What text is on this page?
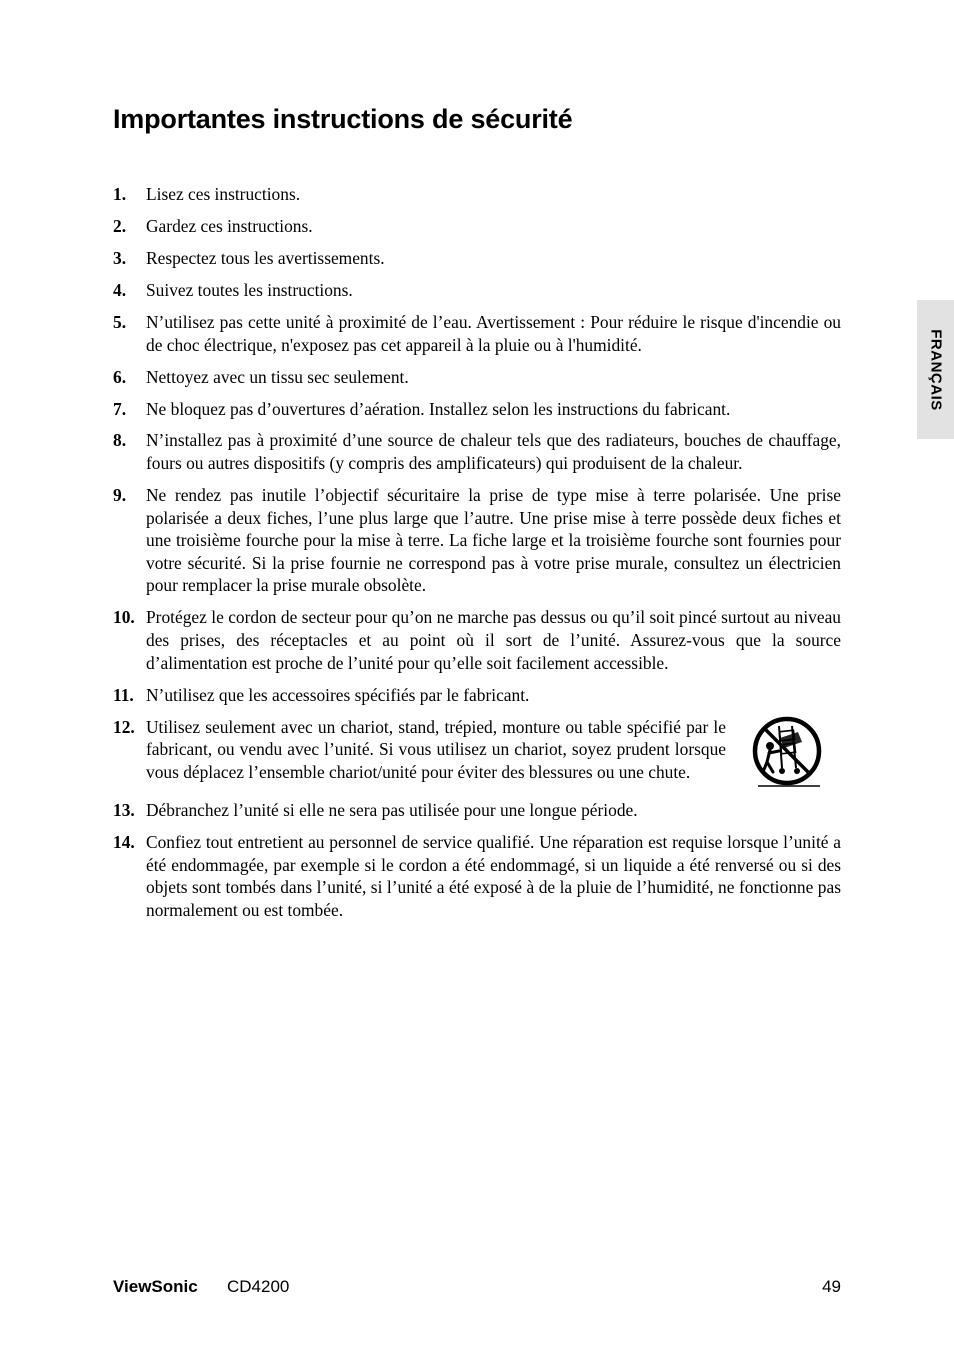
Importantes instructions de sécurité
FRANÇAIS
1. Lisez ces instructions.
2. Gardez ces instructions.
3. Respectez tous les avertissements.
4. Suivez toutes les instructions.
5. N’utilisez pas cette unité à proximité de l’eau. Avertissement : Pour réduire le risque d'incendie ou de choc électrique, n'exposez pas cet appareil à la pluie ou à l'humidité.
6. Nettoyez avec un tissu sec seulement.
7. Ne bloquez pas d’ouvertures d’aération. Installez selon les instructions du fabricant.
8. N’installez pas à proximité d’une source de chaleur tels que des radiateurs, bouches de chauffage, fours ou autres dispositifs (y compris des amplificateurs) qui produisent de la chaleur.
9. Ne rendez pas inutile l’objectif sécuritaire la prise de type mise à terre polarisée. Une prise polarisée a deux fiches, l’une plus large que l’autre. Une prise mise à terre possède deux fiches et une troisième fourche pour la mise à terre. La fiche large et la troisième fourche sont fournies pour votre sécurité. Si la prise fournie ne correspond pas à votre prise murale, consultez un électricien pour remplacer la prise murale obsolète.
10. Protégez le cordon de secteur pour qu’on ne marche pas dessus ou qu’il soit pincé surtout au niveau des prises, des réceptacles et au point où il sort de l’unité. Assurez-vous que la source d’alimentation est proche de l’unité pour qu’elle soit facilement accessible.
11. N’utilisez que les accessoires spécifiés par le fabricant.
12. Utilisez seulement avec un chariot, stand, trépied, monture ou table spécifié par le fabricant, ou vendu avec l’unité. Si vous utilisez un chariot, soyez prudent lorsque vous déplacez l’ensemble chariot/unité pour éviter des blessures ou une chute.
13. Débranchez l’unité si elle ne sera pas utilisée pour une longue période.
14. Confiez tout entretient au personnel de service qualifié. Une réparation est requise lorsque l’unité a été endommagée, par exemple si le cordon a été endommagé, si un liquide a été renversé ou si des objets sont tombés dans l’unité, si l’unité a été exposé à de la pluie de l’humidité, ne fonctionne pas normalement ou est tombée.
ViewSonic CD4200	49
